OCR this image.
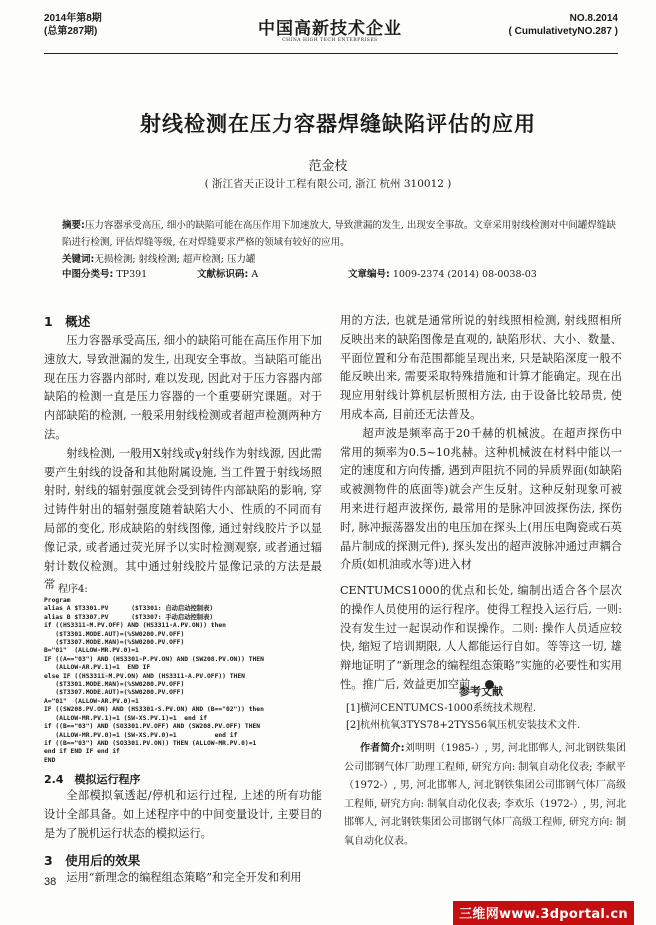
2014年第8期
(总第287期)	中国高新技术企业
CHINA HIGH TECH ENTERPRISES
NO.8.2014
( CumulativetyNO.287 )
射线检测在压力容器焊缝缺陷评估的应用
范金枝
( 浙江省天正设计工程有限公司, 浙江 杭州 310012 )
摘要:压力容器承受高压, 细小的缺陷可能在高压作用下加速放大, 导致泄漏的发生, 出现安全事故。文章采用射线检测对中间罐焊缝缺陷进行检测, 评估焊缝等级, 在对焊缝要求严格的领域有较好的应用。
关键词:无损检测; 射线检测; 超声检测; 压力罐
中图分类号: TP391	文献标识码: A	文章编号: 1009-2374 (2014) 08-0038-03
1　概述

压力容器承受高压, 细小的缺陷可能在高压作用下加速放大, 导致泄漏的发生, 出现安全事故。当缺陷可能出现在压力容器内部时, 难以发现, 因此对于压力容器内部缺陷的检测一直是压力容器的一个重要研究课题。对于内部缺陷的检测, 一般采用射线检测或者超声检测两种方法。

射线检测, 一般用X射线或γ射线作为射线源, 因此需要产生射线的设备和其他附属设施, 当工件置于射线场照射时, 射线的辐射强度就会受到铸件内部缺陷的影响, 穿过铸件射出的辐射强度随着缺陷大小、性质的不同而有局部的变化, 形成缺陷的射线图像, 通过射线胶片予以显像记录, 或者通过荧光屏予以实时检测观察, 或者通过辐射计数仪检测。其中通过射线胶片显像记录的方法是最常

用的方法, 也就是通常所说的射线照相检测, 射线照相所反映出来的缺陷图像是直观的, 缺陷形状、大小、数量、平面位置和分布范围都能呈现出来, 只是缺陷深度一般不能反映出来, 需要采取特殊措施和计算才能确定。现在出现应用射线计算机层析照相方法, 由于设备比较昂贵, 使用成本高, 目前还无法普及。

超声波是频率高于20千赫的机械波。在超声探伤中常用的频率为0.5~10兆赫。这种机械波在材料中能以一定的速度和方向传播, 遇到声阻抗不同的异质界面(如缺陷或被测物件的底面等)就会产生反射。这种反射现象可被用来进行超声波探伤, 最常用的是脉冲回波探伤法, 探伤时, 脉冲振荡器发出的电压加在探头上(用压电陶瓷或石英晶片制成的探测元件), 探头发出的超声波脉冲通过声耦合介质(如机油或水等)进入材

程序4:
Program
alias A $T3301.PV      ($T3301: 自动启动控制表)
alias B $T3307.PV      ($T3307: 手动启动控制表)
if ((HS3311-M.PV.OFF) AND (HS3311-A.PV.ON)) then
($T3301.MODE.AUT)=(%SW0200.PV.OFF)
($T3307.MODE.MAN)=(%SW0200.PV.OFF)
B="01"  (ALLOW-MR.PV.0)=1
IF ((A=="03") AND (HS3301-P.PV.ON) AND (SW208.PV.ON)) THEN
(ALLOW-AR.PV.1)=1  END IF
else IF ((HS3311-M.PV.ON) AND (HS3311-A.PV.OFF)) THEN
($T3301.MODE.MAN)=(%SW0200.PV.OFF)
($T3307.MODE.AUT)=(%SW0200.PV.OFF)
A="01"  (ALLOW-AR.PV.0)=1
IF ((SW208.PV.ON) AND (HS3301-S.PV.ON) AND (B=="02")) then
(ALLOW-MR.PV.1)=1 (SW-XS.PV.1)=1  end if
if ((B=="03") AND (SO3301.PV.OFF) AND (SW208.PV.OFF) THEN
(ALLOW-MR.PV.0)=1 (SW-XS.PV.0)=1          end if
if ((B=="03") AND (SO3301.PV.ON)) THEN (ALLOW-MR.PV.0)=1
end if END IF end if
END

CENTUMCS1000的优点和长处, 编制出适合各个层次的操作人员使用的运行程序。使得工程投入运行后, 一则: 没有发生过一起误动作和误操作。二则: 操作人员适应较快, 缩短了培训期限, 人人都能运行自如。等等这一切, 雄辩地证明了“新理念的编程组态策略”实施的必要性和实用性。推广后, 效益更加空前。

参考文献
[1]横河CENTUMCS-1000系统技术规程.
[2]杭州杭氧3TYS78+2TYS56氧压机安装技术文件.
作者简介:刘明明（1985-）, 男, 河北邯郸人, 河北钢铁集团公司邯钢气体厂助理工程师, 研究方向: 制氧自动化仪表; 李献平（1972-）, 男, 河北邯郸人, 河北钢铁集团公司邯钢气体厂高级工程师, 研究方向: 制氧自动化仪表; 李欢乐（1972-）, 男, 河北邯郸人, 河北钢铁集团公司邯钢气体厂高级工程师, 研究方向: 制氧自动化仪表。
2.4　模拟运行程序

全部模拟氧透起/停机和运行过程, 上述的所有功能设计全部具备。如上述程序中的中间变量设计, 主要目的是为了脱机运行状态的模拟运行。

3　使用后的效果

运用“新理念的编程组态策略”和完全开发和利用

38
三维网www.3dportal.cn
